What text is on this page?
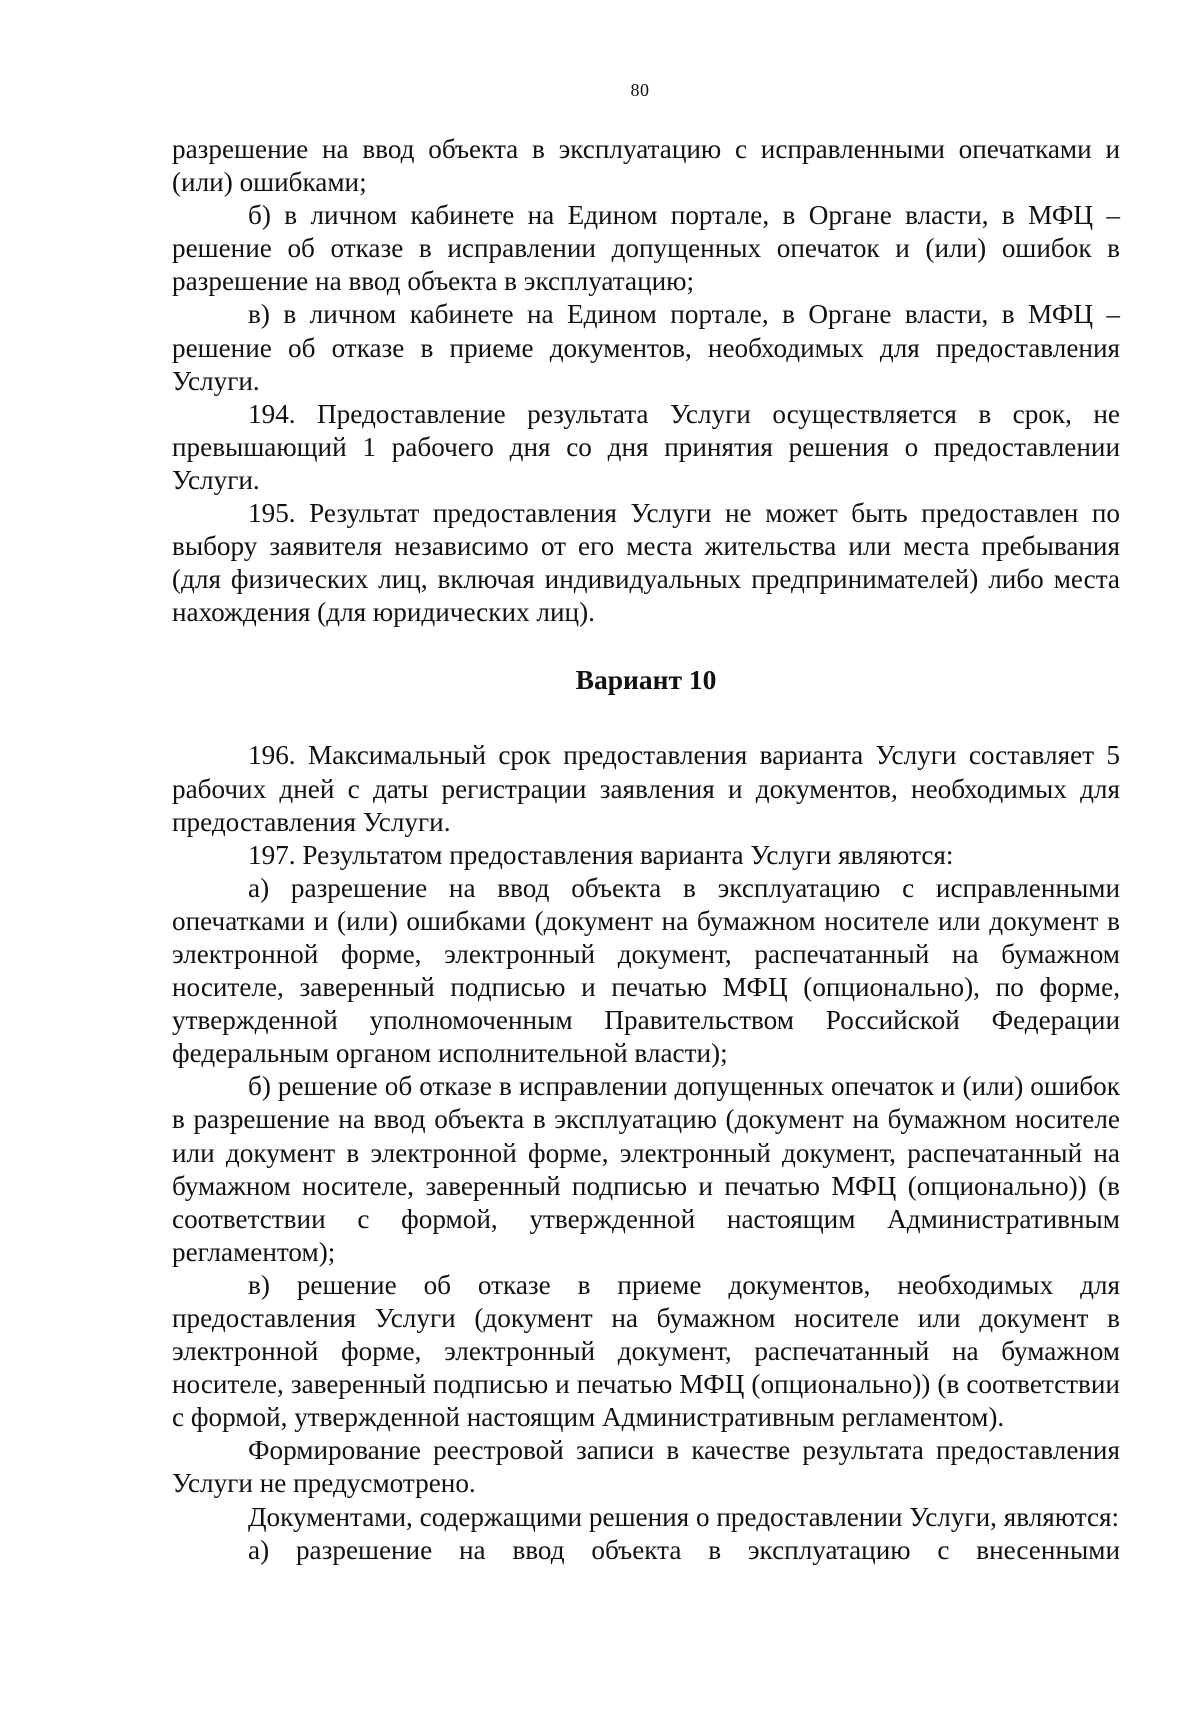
80

разрешение на ввод объекта в эксплуатацию с исправленными опечатками и (или) ошибками;

б) в личном кабинете на Едином портале, в Органе власти, в МФЦ – решение об отказе в исправлении допущенных опечаток и (или) ошибок в разрешение на ввод объекта в эксплуатацию;

в) в личном кабинете на Едином портале, в Органе власти, в МФЦ – решение об отказе в приеме документов, необходимых для предоставления Услуги.

194. Предоставление результата Услуги осуществляется в срок, не превышающий 1 рабочего дня со дня принятия решения о предоставлении Услуги.

195. Результат предоставления Услуги не может быть предоставлен по выбору заявителя независимо от его места жительства или места пребывания (для физических лиц, включая индивидуальных предпринимателей) либо места нахождения (для юридических лиц).

Вариант 10

196. Максимальный срок предоставления варианта Услуги составляет 5 рабочих дней с даты регистрации заявления и документов, необходимых для предоставления Услуги.

197. Результатом предоставления варианта Услуги являются:

а) разрешение на ввод объекта в эксплуатацию с исправленными опечатками и (или) ошибками (документ на бумажном носителе или документ в электронной форме, электронный документ, распечатанный на бумажном носителе, заверенный подписью и печатью МФЦ (опционально), по форме, утвержденной уполномоченным Правительством Российской Федерации федеральным органом исполнительной власти);

б) решение об отказе в исправлении допущенных опечаток и (или) ошибок в разрешение на ввод объекта в эксплуатацию (документ на бумажном носителе или документ в электронной форме, электронный документ, распечатанный на бумажном носителе, заверенный подписью и печатью МФЦ (опционально)) (в соответствии с формой, утвержденной настоящим Административным регламентом);

в) решение об отказе в приеме документов, необходимых для предоставления Услуги (документ на бумажном носителе или документ в электронной форме, электронный документ, распечатанный на бумажном носителе, заверенный подписью и печатью МФЦ (опционально)) (в соответствии с формой, утвержденной настоящим Административным регламентом).

Формирование реестровой записи в качестве результата предоставления Услуги не предусмотрено.

Документами, содержащими решения о предоставлении Услуги, являются:

а) разрешение на ввод объекта в эксплуатацию с внесенными
